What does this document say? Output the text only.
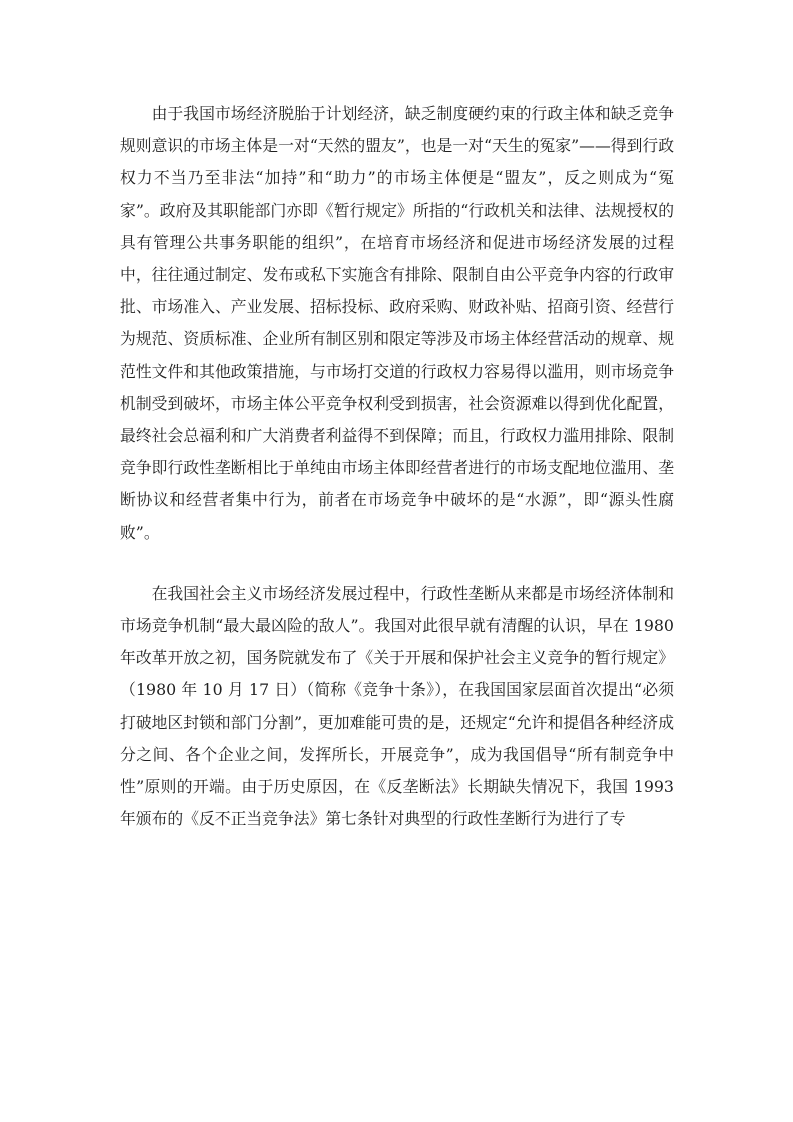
由于我国市场经济脱胎于计划经济，缺乏制度硬约束的行政主体和缺乏竞争规则意识的市场主体是一对“天然的盟友”，也是一对“天生的冤家”——得到行政权力不当乃至非法“加持”和“助力”的市场主体便是“盟友”，反之则成为“冤家”。政府及其职能部门亦即《暂行规定》所指的“行政机关和法律、法规授权的具有管理公共事务职能的组织”，在培育市场经济和促进市场经济发展的过程中，往往通过制定、发布或私下实施含有排除、限制自由公平竞争内容的行政审批、市场准入、产业发展、招标投标、政府采购、财政补贴、招商引资、经营行为规范、资质标准、企业所有制区别和限定等涉及市场主体经营活动的规章、规范性文件和其他政策措施，与市场打交道的行政权力容易得以滥用，则市场竞争机制受到破坏，市场主体公平竞争权利受到损害，社会资源难以得到优化配置，最终社会总福利和广大消费者利益得不到保障；而且，行政权力滥用排除、限制竞争即行政性垄断相比于单纯由市场主体即经营者进行的市场支配地位滥用、垄断协议和经营者集中行为，前者在市场竞争中破坏的是“水源”，即“源头性腐败”。

在我国社会主义市场经济发展过程中，行政性垄断从来都是市场经济体制和市场竞争机制“最大最凶险的敌人”。我国对此很早就有清醒的认识，早在 1980 年改革开放之初，国务院就发布了《关于开展和保护社会主义竞争的暂行规定》（1980 年 10 月 17 日）（简称《竞争十条》），在我国国家层面首次提出“必须打破地区封锁和部门分割”，更加难能可贵的是，还规定“允许和提倡各种经济成分之间、各个企业之间，发挥所长，开展竞争”，成为我国倡导“所有制竞争中性”原则的开端。由于历史原因，在《反垄断法》长期缺失情况下，我国 1993 年颁布的《反不正当竞争法》第七条针对典型的行政性垄断行为进行了专
